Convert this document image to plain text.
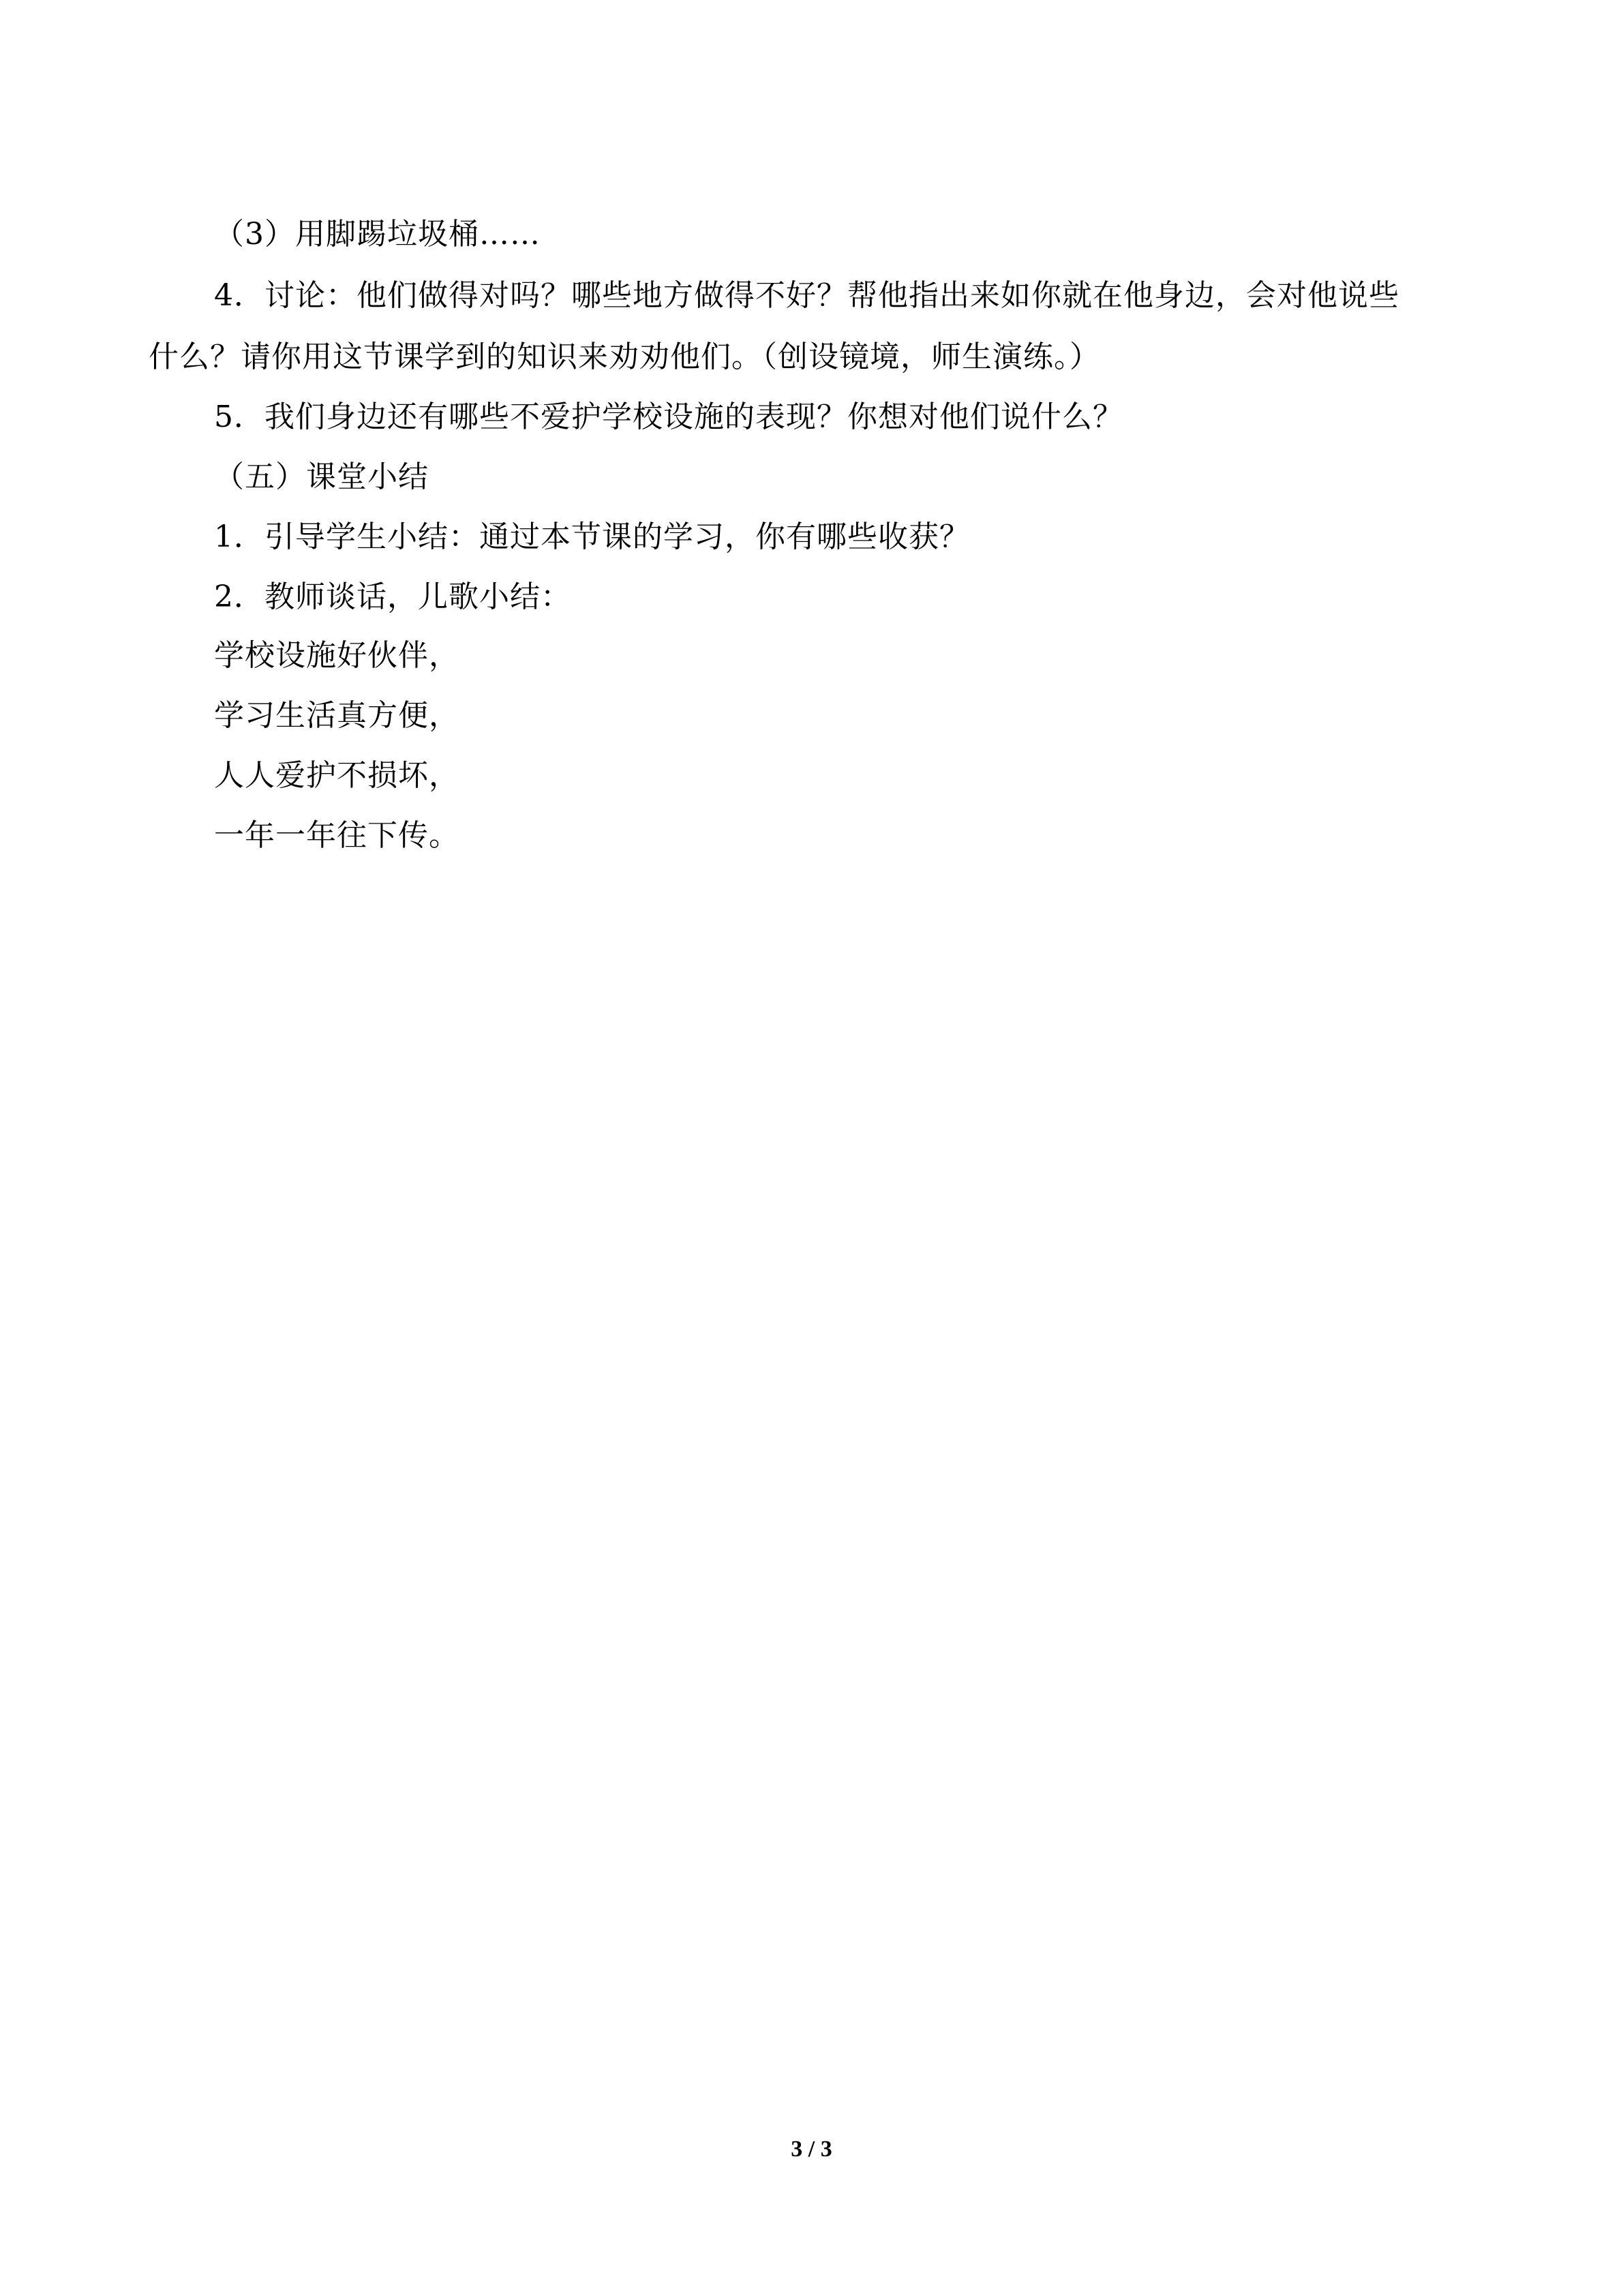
（3）用脚踢垃圾桶……
4．讨论：他们做得对吗？哪些地方做得不好？帮他指出来如你就在他身边，会对他说些
什么？请你用这节课学到的知识来劝劝他们。（创设镜境，师生演练。）
5．我们身边还有哪些不爱护学校设施的表现？你想对他们说什么？
（五）课堂小结
1．引导学生小结：通过本节课的学习，你有哪些收获？
2．教师谈话，儿歌小结：
学校设施好伙伴，
学习生活真方便，
人人爱护不损坏，
一年一年往下传。
3 / 3
